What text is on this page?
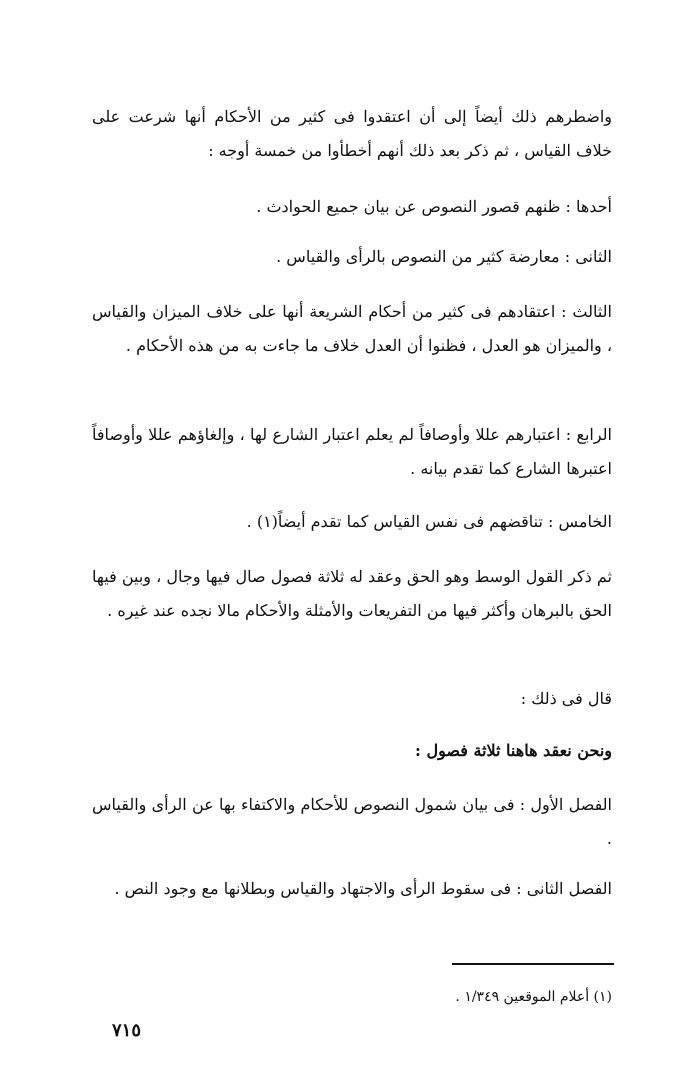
واضطرهم ذلك أيضاً إلى أن اعتقدوا فى كثير من الأحكام أنها شرعت على خلاف القياس ، ثم ذكر بعد ذلك أنهم أخطأوا من خمسة أوجه :

أحدها : ظنهم قصور النصوص عن بيان جميع الحوادث .

الثانى : معارضة كثير من النصوص بالرأى والقياس .

الثالث : اعتقادهم فى كثير من أحكام الشريعة أنها على خلاف الميزان والقياس ، والميزان هو العدل ، فظنوا أن العدل خلاف ما جاءت به من هذه الأحكام .

الرابع : اعتبارهم عللا وأوصافاً لم يعلم اعتبار الشارع لها ، وإلغاؤهم عللا وأوصافاً اعتبرها الشارع كما تقدم بيانه .

الخامس : تناقضهم فى نفس القياس كما تقدم أيضاً(١) .

ثم ذكر القول الوسط وهو الحق وعقد له ثلاثة فصول صال فيها وجال ، وبين فيها الحق بالبرهان وأكثر فيها من التفريعات والأمثلة والأحكام مالا نجده عند غيره .

قال فى ذلك :

ونحن نعقد هاهنا ثلاثة فصول :

الفصل الأول : فى بيان شمول النصوص للأحكام والاكتفاء بها عن الرأى والقياس .

الفصل الثانى : فى سقوط الرأى والاجتهاد والقياس وبطلانها مع وجود النص .

(١) أعلام الموقعين ١/٣٤٩ .

٧١٥
